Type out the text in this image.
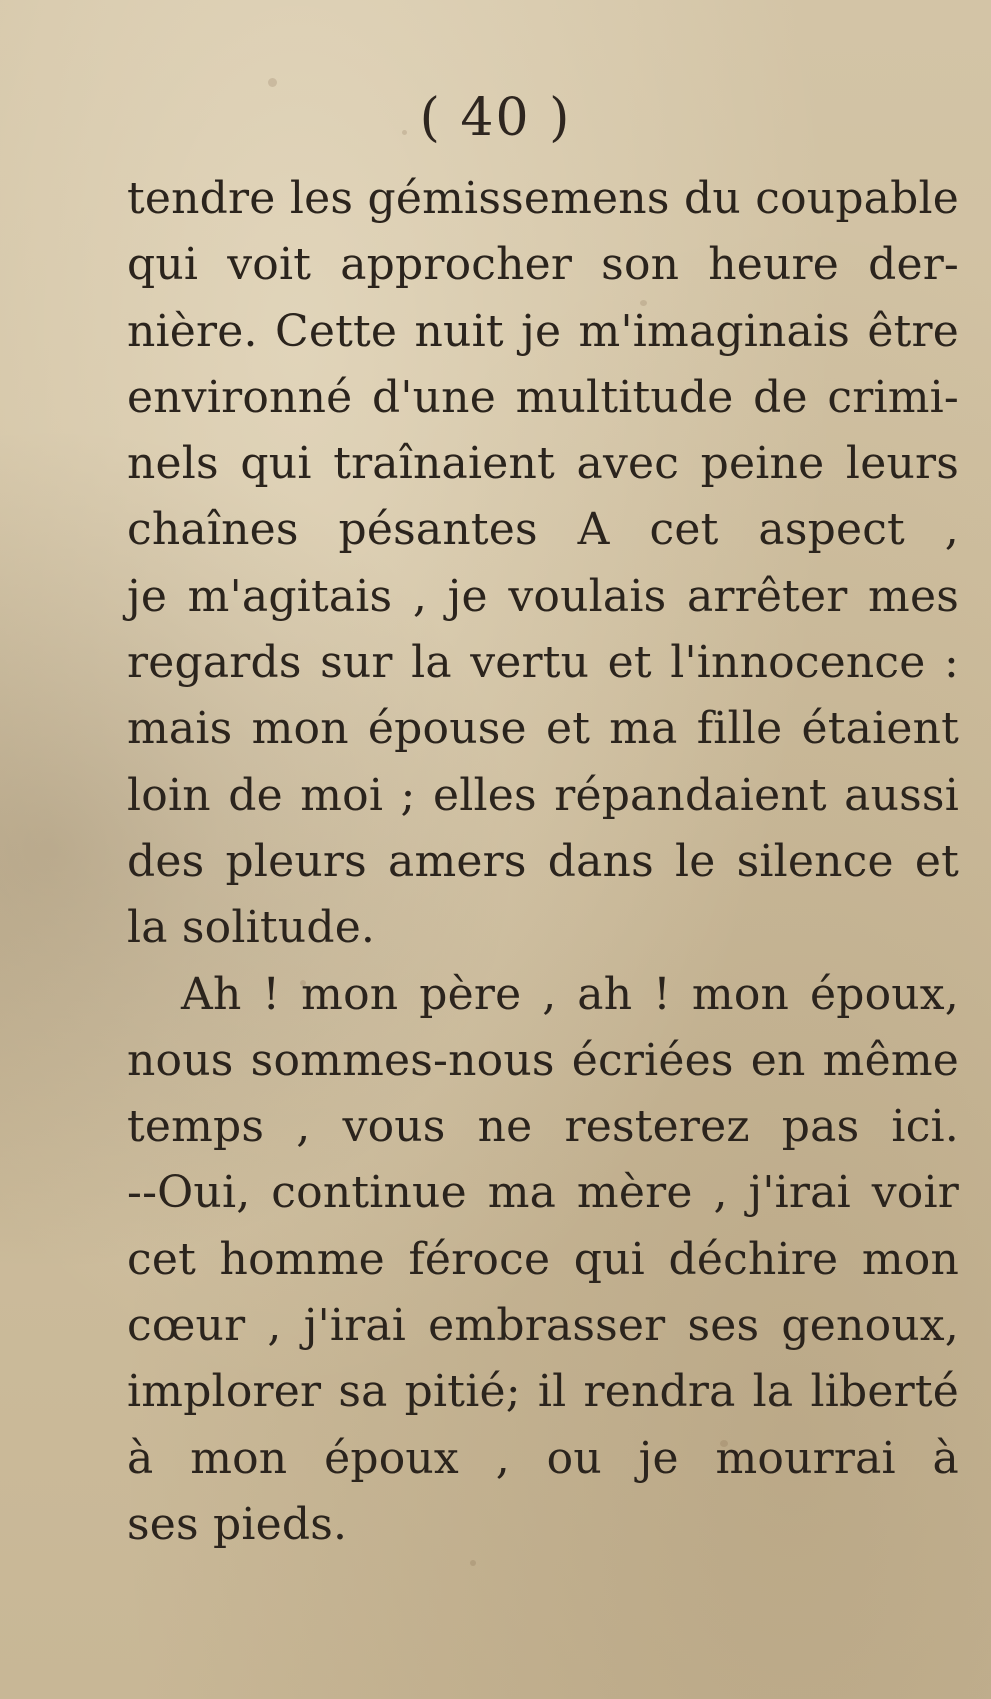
( 40 )
tendre les gémissemens du coupable
qui voit approcher son heure der-
nière. Cette nuit je m'imaginais être
environné d'une multitude de crimi-
nels qui traînaient avec peine leurs
chaînes pésantes A cet aspect ,
je m'agitais , je voulais arrêter mes
regards sur la vertu et l'innocence :
mais mon épouse et ma fille étaient
loin de moi ; elles répandaient aussi
des pleurs amers dans le silence et
la solitude.
Ah ! mon père , ah ! mon époux,
nous sommes-nous écriées en même
temps , vous ne resterez pas ici.
--Oui, continue ma mère , j'irai voir
cet homme féroce qui déchire mon
cœur , j'irai embrasser ses genoux,
implorer sa pitié; il rendra la liberté
à mon époux , ou je mourrai à
ses pieds.
